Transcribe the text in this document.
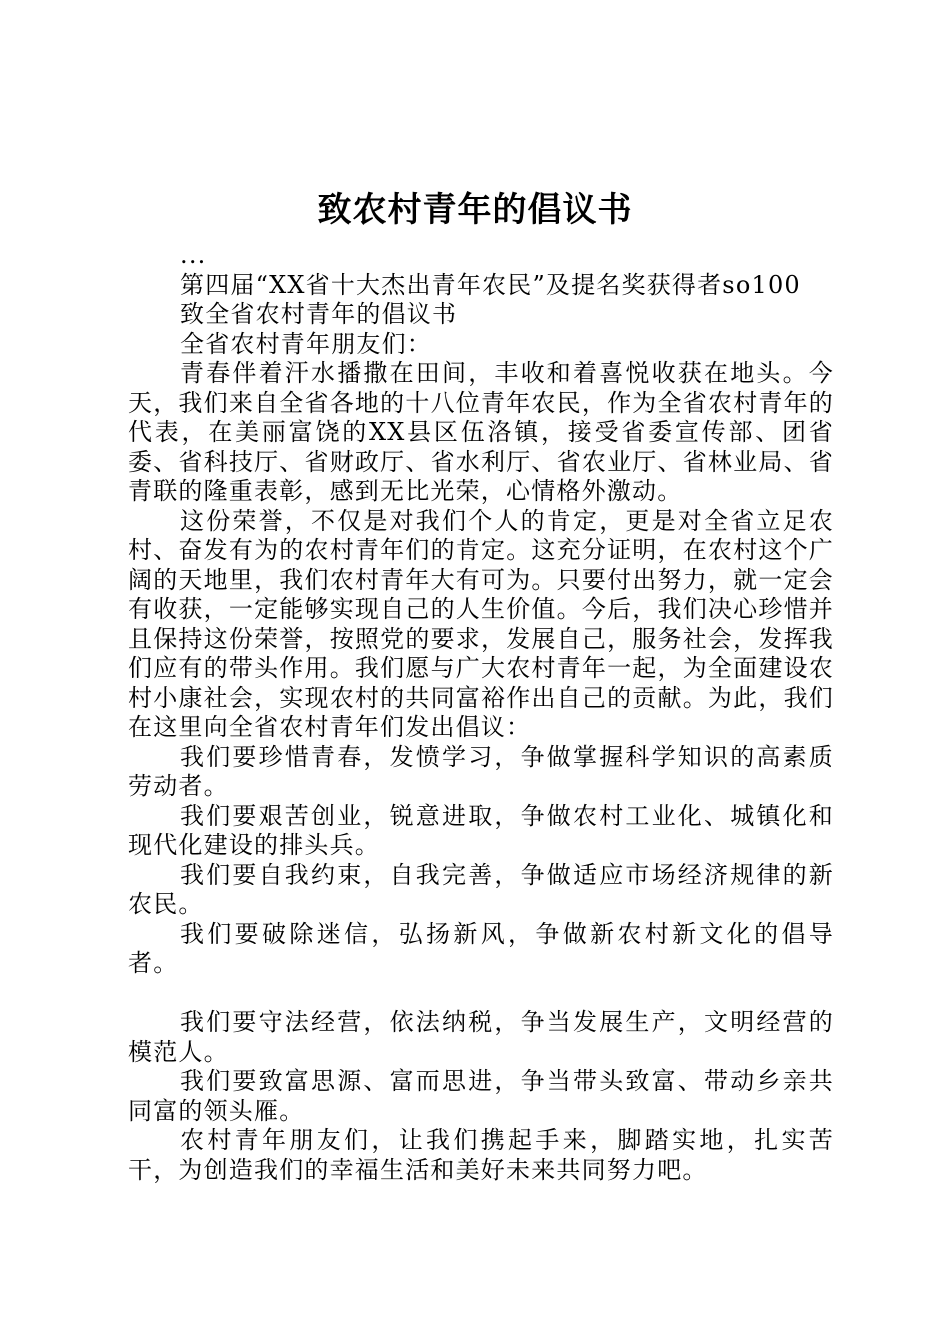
致农村青年的倡议书
...
第四届“XX省十大杰出青年农民”及提名奖获得者so100
致全省农村青年的倡议书
全省农村青年朋友们：

青春伴着汗水播撒在田间，丰收和着喜悦收获在地头。今天，我们来自全省各地的十八位青年农民，作为全省农村青年的代表，在美丽富饶的XX县区伍洛镇，接受省委宣传部、团省委、省科技厅、省财政厅、省水利厅、省农业厅、省林业局、省青联的隆重表彰，感到无比光荣，心情格外激动。

这份荣誉，不仅是对我们个人的肯定，更是对全省立足农村、奋发有为的农村青年们的肯定。这充分证明，在农村这个广阔的天地里，我们农村青年大有可为。只要付出努力，就一定会有收获，一定能够实现自己的人生价值。今后，我们决心珍惜并且保持这份荣誉，按照党的要求，发展自己，服务社会，发挥我们应有的带头作用。我们愿与广大农村青年一起，为全面建设农村小康社会，实现农村的共同富裕作出自己的贡献。为此，我们在这里向全省农村青年们发出倡议：

我们要珍惜青春，发愤学习，争做掌握科学知识的高素质劳动者。

我们要艰苦创业，锐意进取，争做农村工业化、城镇化和现代化建设的排头兵。

我们要自我约束，自我完善，争做适应市场经济规律的新农民。

我们要破除迷信，弘扬新风，争做新农村新文化的倡导者。

我们要守法经营，依法纳税，争当发展生产，文明经营的模范人。

我们要致富思源、富而思进，争当带头致富、带动乡亲共同富的领头雁。

农村青年朋友们，让我们携起手来，脚踏实地，扎实苦干，为创造我们的幸福生活和美好未来共同努力吧。
